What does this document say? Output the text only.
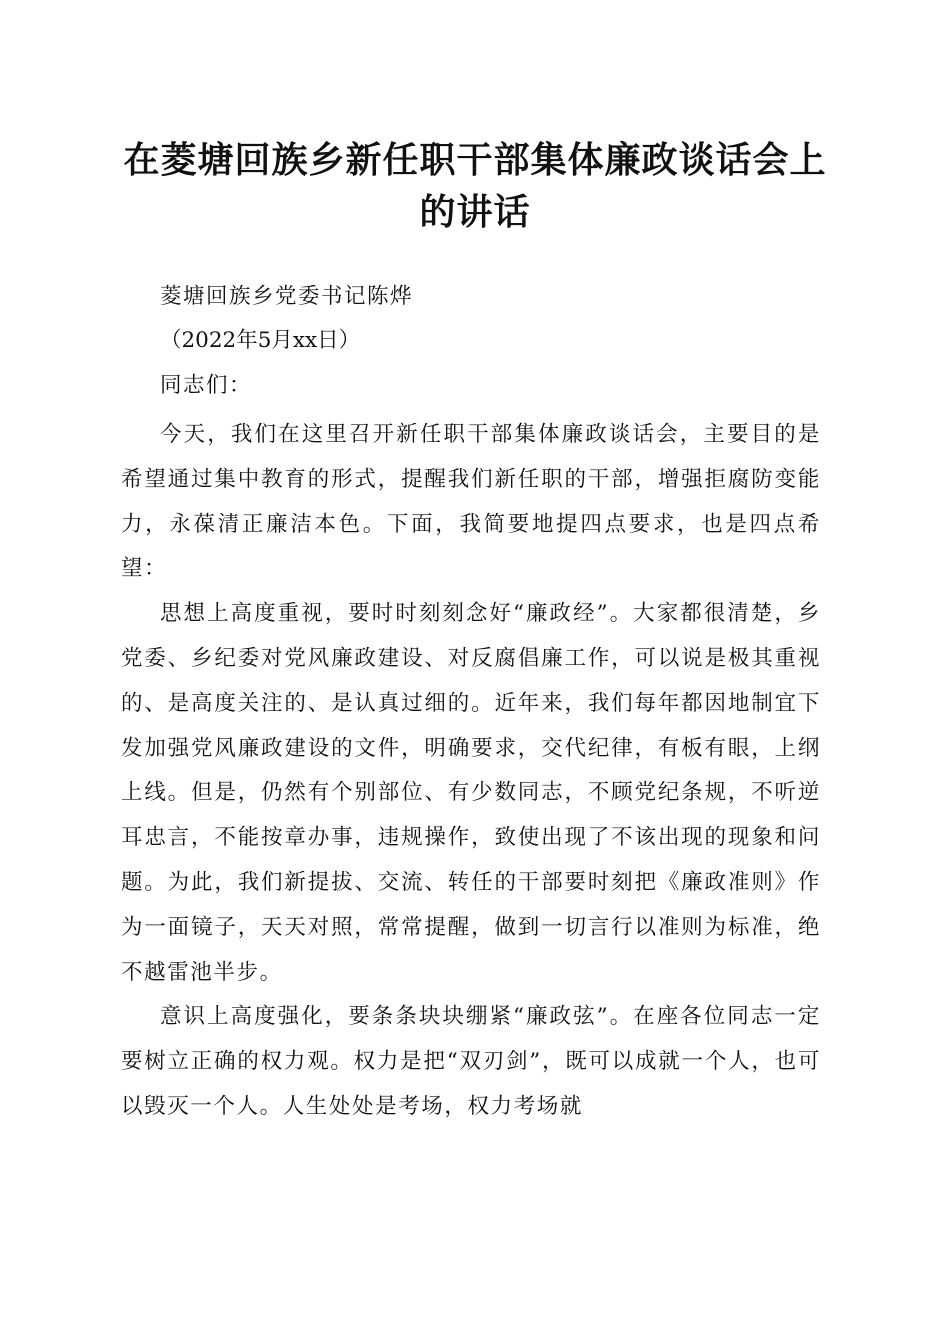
在菱塘回族乡新任职干部集体廉政谈话会上的讲话
菱塘回族乡党委书记陈烨
（2022年5月xx日）
同志们：

今天，我们在这里召开新任职干部集体廉政谈话会，主要目的是希望通过集中教育的形式，提醒我们新任职的干部，增强拒腐防变能力，永葆清正廉洁本色。下面，我简要地提四点要求，也是四点希望：

思想上高度重视，要时时刻刻念好“廉政经”。大家都很清楚，乡党委、乡纪委对党风廉政建设、对反腐倡廉工作，可以说是极其重视的、是高度关注的、是认真过细的。近年来，我们每年都因地制宜下发加强党风廉政建设的文件，明确要求，交代纪律，有板有眼，上纲上线。但是，仍然有个别部位、有少数同志，不顾党纪条规，不听逆耳忠言，不能按章办事，违规操作，致使出现了不该出现的现象和问题。为此，我们新提拔、交流、转任的干部要时刻把《廉政准则》作为一面镜子，天天对照，常常提醒，做到一切言行以准则为标准，绝不越雷池半步。

意识上高度强化，要条条块块绷紧“廉政弦”。在座各位同志一定要树立正确的权力观。权力是把“双刃剑”，既可以成就一个人，也可以毁灭一个人。人生处处是考场，权力考场就
